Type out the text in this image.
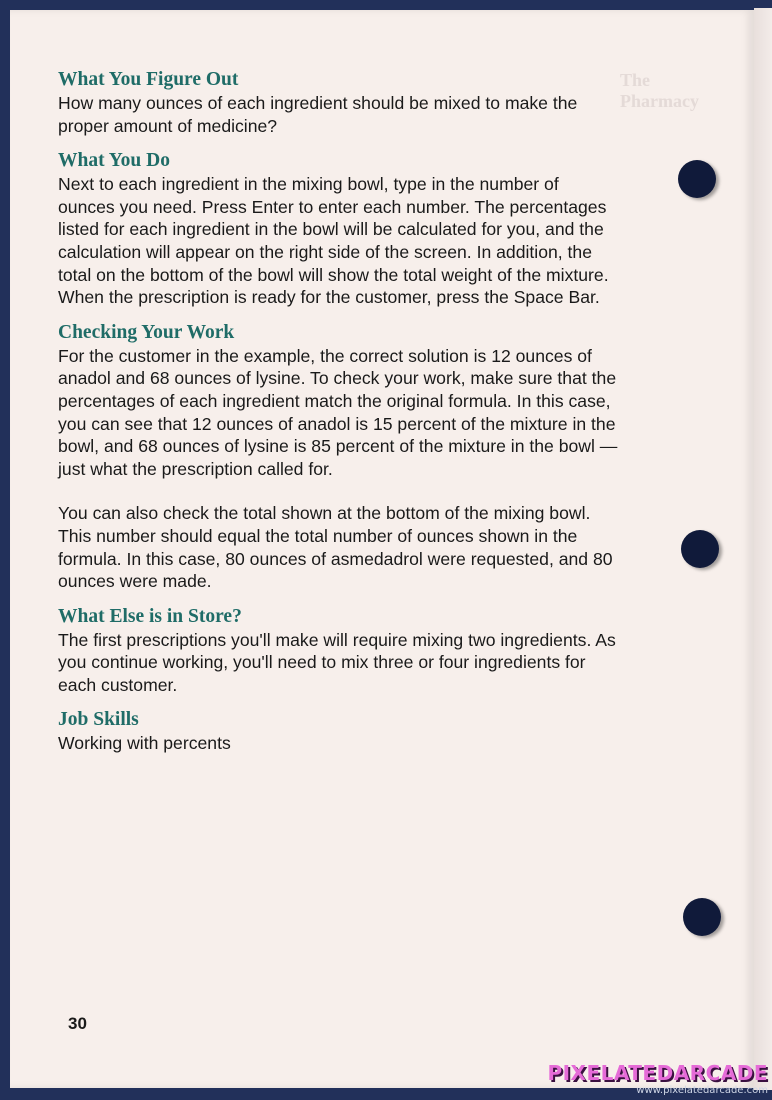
The Pharmacy
What You Figure Out

How many ounces of each ingredient should be mixed to make the proper amount of medicine?

What You Do

Next to each ingredient in the mixing bowl, type in the number of ounces you need. Press Enter to enter each number. The percentages listed for each ingredient in the bowl will be calculated for you, and the calculation will appear on the right side of the screen. In addition, the total on the bottom of the bowl will show the total weight of the mixture. When the prescription is ready for the customer, press the Space Bar.

Checking Your Work

For the customer in the example, the correct solution is 12 ounces of anadol and 68 ounces of lysine. To check your work, make sure that the percentages of each ingredient match the original formula. In this case, you can see that 12 ounces of anadol is 15 percent of the mixture in the bowl, and 68 ounces of lysine is 85 percent of the mixture in the bowl — just what the prescription called for.

You can also check the total shown at the bottom of the mixing bowl. This number should equal the total number of ounces shown in the formula. In this case, 80 ounces of asmedadrol were requested, and 80 ounces were made.

What Else is in Store?

The first prescriptions you'll make will require mixing two ingredients. As you continue working, you'll need to mix three or four ingredients for each customer.

Job Skills

Working with percents

30
PIXELATEDARCADE
www.pixelatedarcade.com
